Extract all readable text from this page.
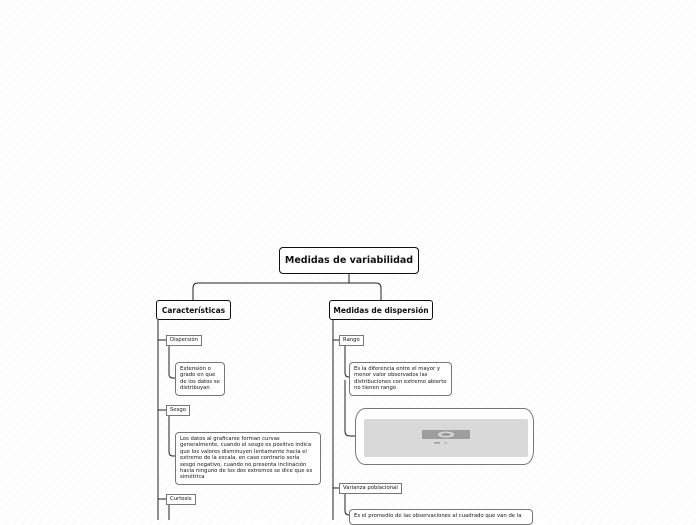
Medidas de variabilidad
Características	Medidas de dispersión
Dispersión
Extensión o grado en que de los datos se distribuyan
Sesgo
Los datos al graficarse forman curvas generalmente, cuando el sesgo es positivo indica que los valores disminuyen lentamente hacia el extremo de la escala, en caso contrario sería sesgo negativo, cuando no presenta inclinación hacia ninguno de los dos extremos se dice que es simétrica
Curtosis
Rango
Es la diferencia entre el mayor y menor valor observados las distribuciones con extremo abierto no tienen rango
Varianza poblacional
Es el promedio de las observaciones al cuadrado que van de la
